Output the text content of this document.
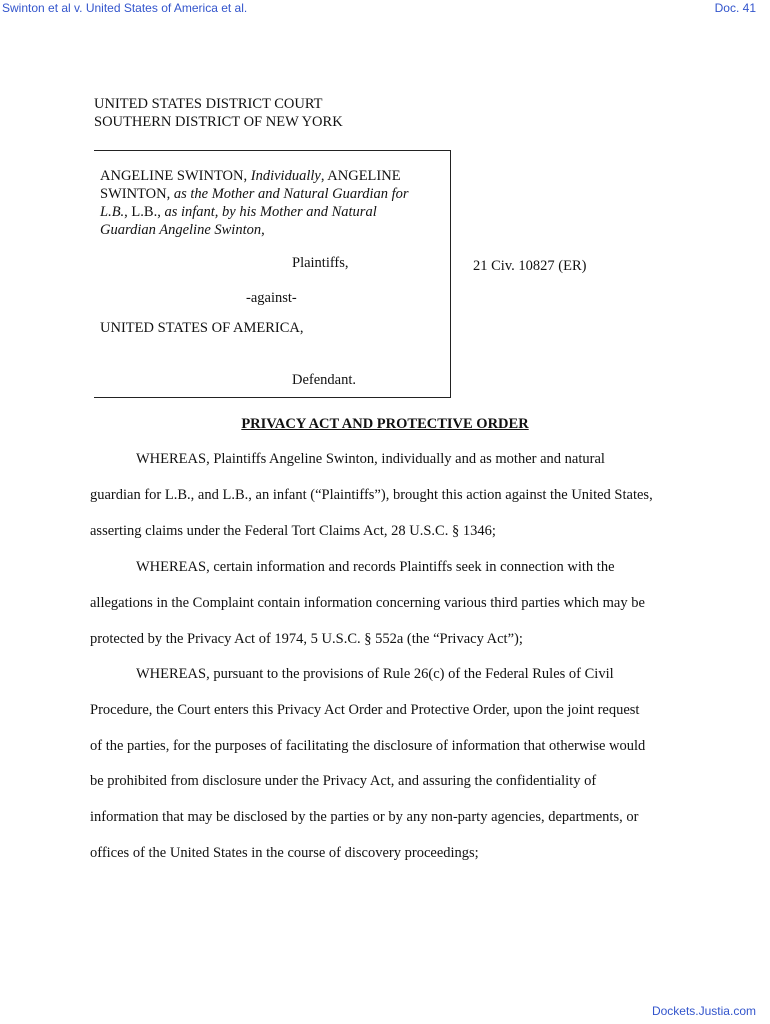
Swinton et al v. United States of America et al.	Doc. 41
UNITED STATES DISTRICT COURT
SOUTHERN DISTRICT OF NEW YORK
ANGELINE SWINTON, Individually, ANGELINE
SWINTON, as the Mother and Natural Guardian for
L.B., L.B., as infant, by his Mother and Natural
Guardian Angeline Swinton,
Plaintiffs,
-against-
UNITED STATES OF AMERICA,
Defendant.
21 Civ. 10827 (ER)
PRIVACY ACT AND PROTECTIVE ORDER
WHEREAS, Plaintiffs Angeline Swinton, individually and as mother and natural
guardian for L.B., and L.B., an infant (“Plaintiffs”), brought this action against the United States,
asserting claims under the Federal Tort Claims Act, 28 U.S.C. § 1346;
WHEREAS, certain information and records Plaintiffs seek in connection with the
allegations in the Complaint contain information concerning various third parties which may be
protected by the Privacy Act of 1974, 5 U.S.C. § 552a (the “Privacy Act”);
WHEREAS, pursuant to the provisions of Rule 26(c) of the Federal Rules of Civil
Procedure, the Court enters this Privacy Act Order and Protective Order, upon the joint request
of the parties, for the purposes of facilitating the disclosure of information that otherwise would
be prohibited from disclosure under the Privacy Act, and assuring the confidentiality of
information that may be disclosed by the parties or by any non-party agencies, departments, or
offices of the United States in the course of discovery proceedings;
Dockets.Justia.com
